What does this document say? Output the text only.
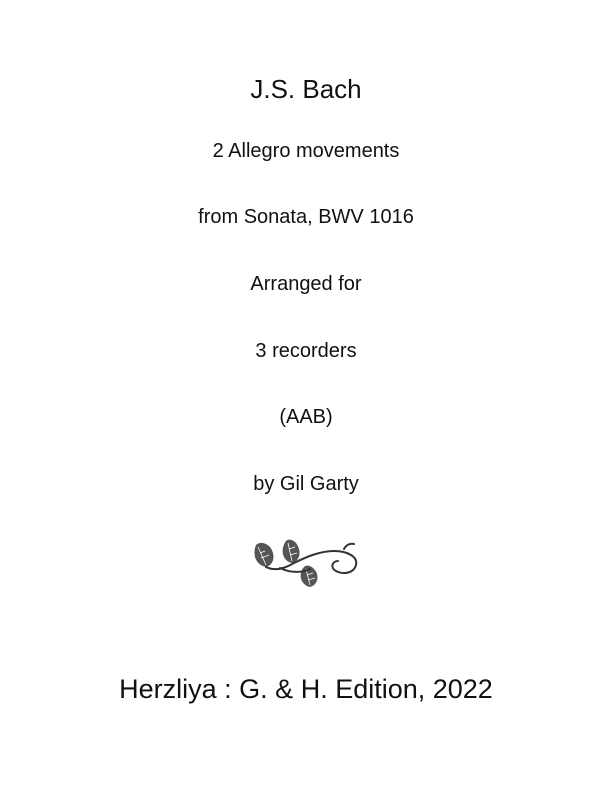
J.S. Bach
2 Allegro movements
from Sonata, BWV 1016
Arranged for
3 recorders
(AAB)
by Gil Garty
Herzliya : G. & H. Edition, 2022
